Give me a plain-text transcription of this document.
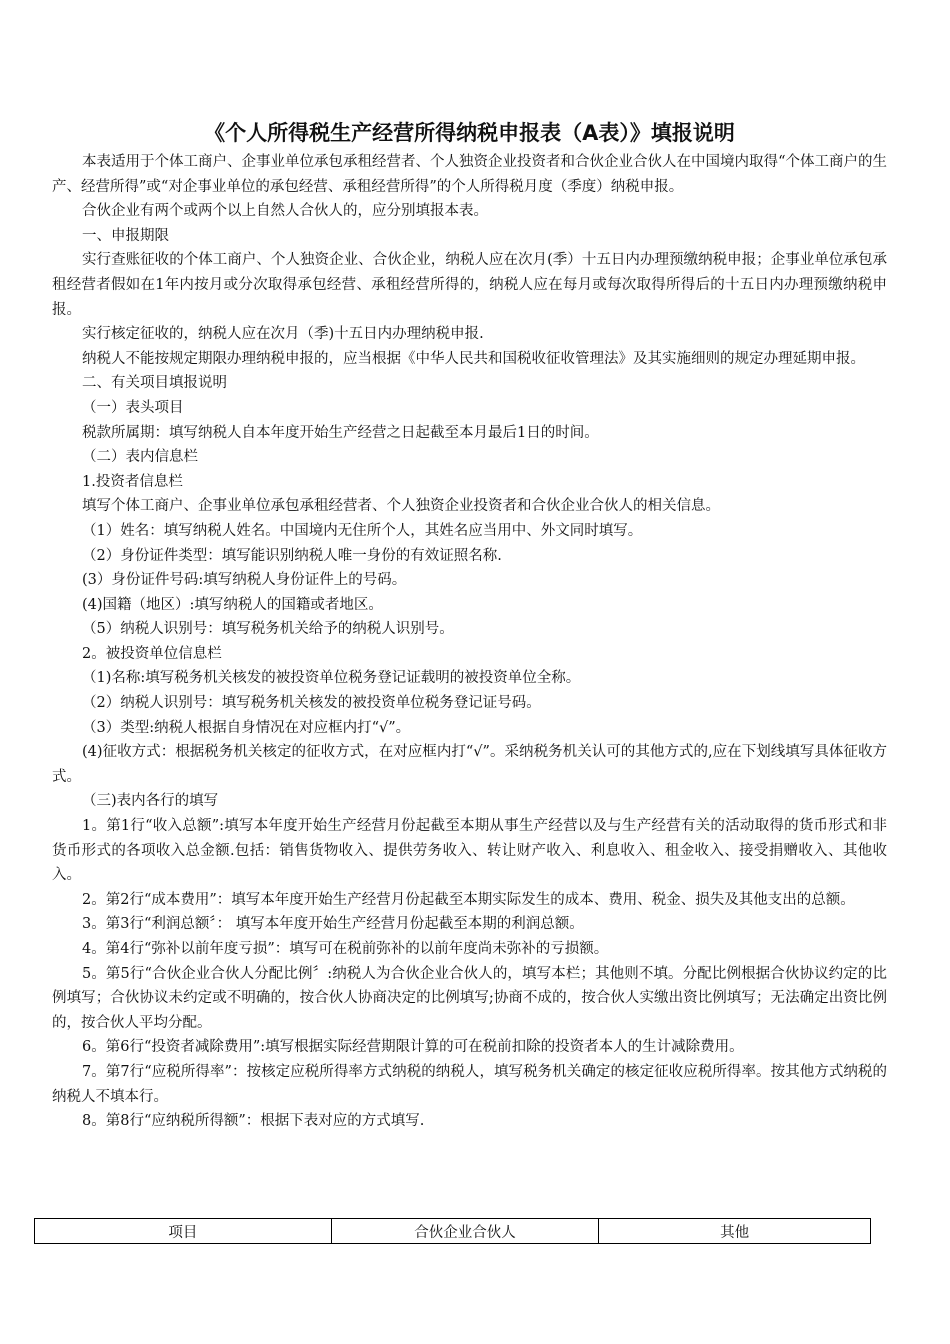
《个人所得税生产经营所得纳税申报表（A表）》填报说明

本表适用于个体工商户、企事业单位承包承租经营者、个人独资企业投资者和合伙企业合伙人在中国境内取得“个体工商户的生产、经营所得”或“对企事业单位的承包经营、承租经营所得”的个人所得税月度（季度）纳税申报。

合伙企业有两个或两个以上自然人合伙人的，应分别填报本表。

一、申报期限

实行查账征收的个体工商户、个人独资企业、合伙企业，纳税人应在次月(季）十五日内办理预缴纳税申报；企事业单位承包承租经营者假如在1年内按月或分次取得承包经营、承租经营所得的，纳税人应在每月或每次取得所得后的十五日内办理预缴纳税申报。

实行核定征收的，纳税人应在次月（季)十五日内办理纳税申报.

纳税人不能按规定期限办理纳税申报的，应当根据《中华人民共和国税收征收管理法》及其实施细则的规定办理延期申报。

二、有关项目填报说明

（一）表头项目

税款所属期：填写纳税人自本年度开始生产经营之日起截至本月最后1日的时间。

（二）表内信息栏

1.投资者信息栏

填写个体工商户、企事业单位承包承租经营者、个人独资企业投资者和合伙企业合伙人的相关信息。

（1）姓名：填写纳税人姓名。中国境内无住所个人，其姓名应当用中、外文同时填写。

（2）身份证件类型：填写能识别纳税人唯一身份的有效证照名称.

(3）身份证件号码:填写纳税人身份证件上的号码。

(4)国籍（地区）:填写纳税人的国籍或者地区。

（5）纳税人识别号：填写税务机关给予的纳税人识别号。

2。被投资单位信息栏

（1)名称:填写税务机关核发的被投资单位税务登记证载明的被投资单位全称。

（2）纳税人识别号：填写税务机关核发的被投资单位税务登记证号码。

（3）类型:纳税人根据自身情况在对应框内打“√”。

(4)征收方式：根据税务机关核定的征收方式，在对应框内打“√”。采纳税务机关认可的其他方式的,应在下划线填写具体征收方式。

（三)表内各行的填写

1。第1行“收入总额”:填写本年度开始生产经营月份起截至本期从事生产经营以及与生产经营有关的活动取得的货币形式和非货币形式的各项收入总金额.包括：销售货物收入、提供劳务收入、转让财产收入、利息收入、租金收入、接受捐赠收入、其他收入。

2。第2行“成本费用”：填写本年度开始生产经营月份起截至本期实际发生的成本、费用、税金、损失及其他支出的总额。

3。第3行“利润总额〞： 填写本年度开始生产经营月份起截至本期的利润总额。

4。第4行“弥补以前年度亏损”：填写可在税前弥补的以前年度尚未弥补的亏损额。

5。第5行“合伙企业合伙人分配比例〞:纳税人为合伙企业合伙人的，填写本栏；其他则不填。分配比例根据合伙协议约定的比例填写；合伙协议未约定或不明确的，按合伙人协商决定的比例填写;协商不成的，按合伙人实缴出资比例填写；无法确定出资比例的，按合伙人平均分配。

6。第6行“投资者减除费用”:填写根据实际经营期限计算的可在税前扣除的投资者本人的生计减除费用。

7。第7行“应税所得率”：按核定应税所得率方式纳税的纳税人，填写税务机关确定的核定征收应税所得率。按其他方式纳税的纳税人不填本行。

8。第8行“应纳税所得额”：根据下表对应的方式填写.

项目	合伙企业合伙人	其他
